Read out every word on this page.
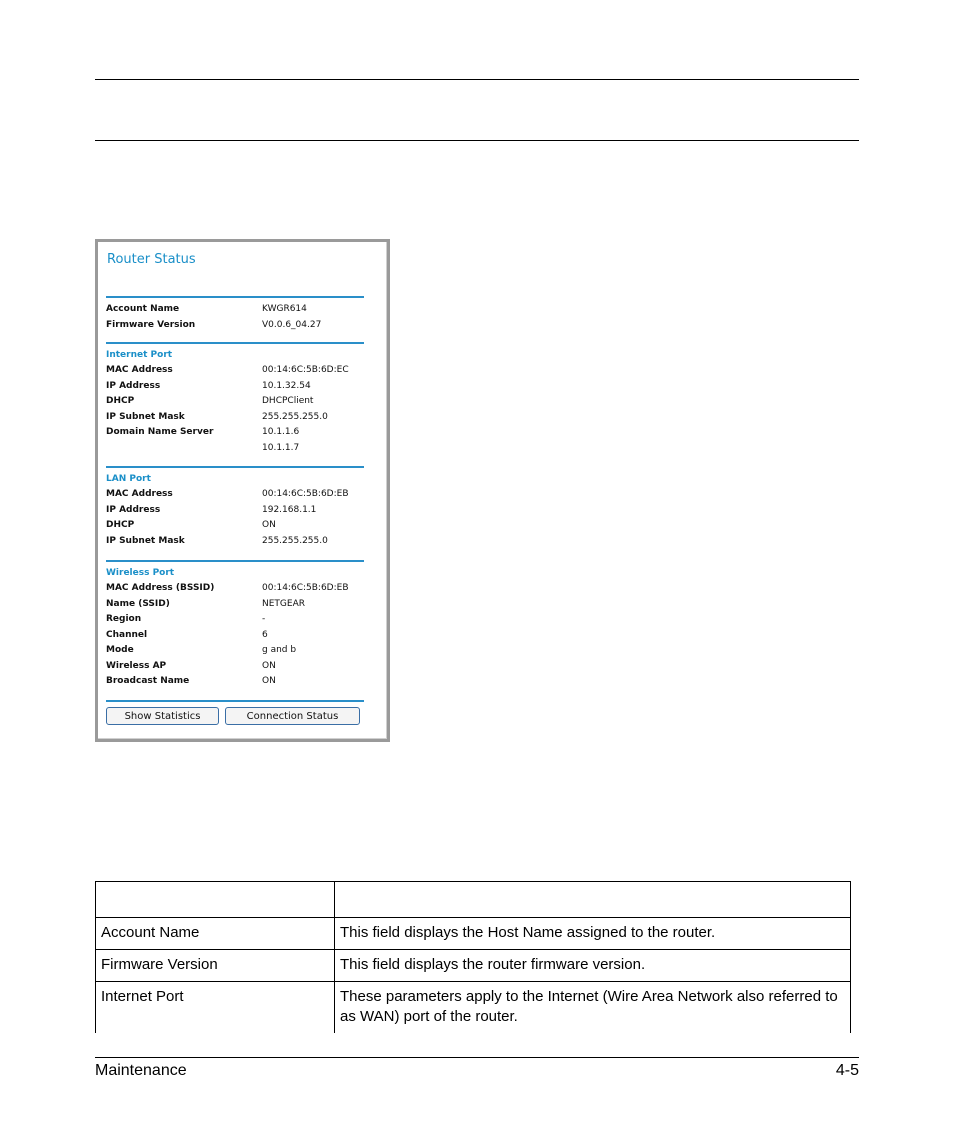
Router Status
Account Name	KWGR614
Firmware Version	V0.0.6_04.27
Internet Port
MAC Address	00:14:6C:5B:6D:EC
IP Address	10.1.32.54
DHCP	DHCPClient
IP Subnet Mask	255.255.255.0
Domain Name Server	10.1.1.6
10.1.1.7
LAN Port
MAC Address	00:14:6C:5B:6D:EB
IP Address	192.168.1.1
DHCP	ON
IP Subnet Mask	255.255.255.0
Wireless Port
MAC Address (BSSID)	00:14:6C:5B:6D:EB
Name (SSID)	NETGEAR
Region	-
Channel	6
Mode	g and b
Wireless AP	ON
Broadcast Name	ON
Show Statistics	Connection Status

Account Name	This field displays the Host Name assigned to the router.
Firmware Version	This field displays the router firmware version.
Internet Port	These parameters apply to the Internet (Wire Area Network also referred to as WAN) port of the router.
Maintenance	4-5
